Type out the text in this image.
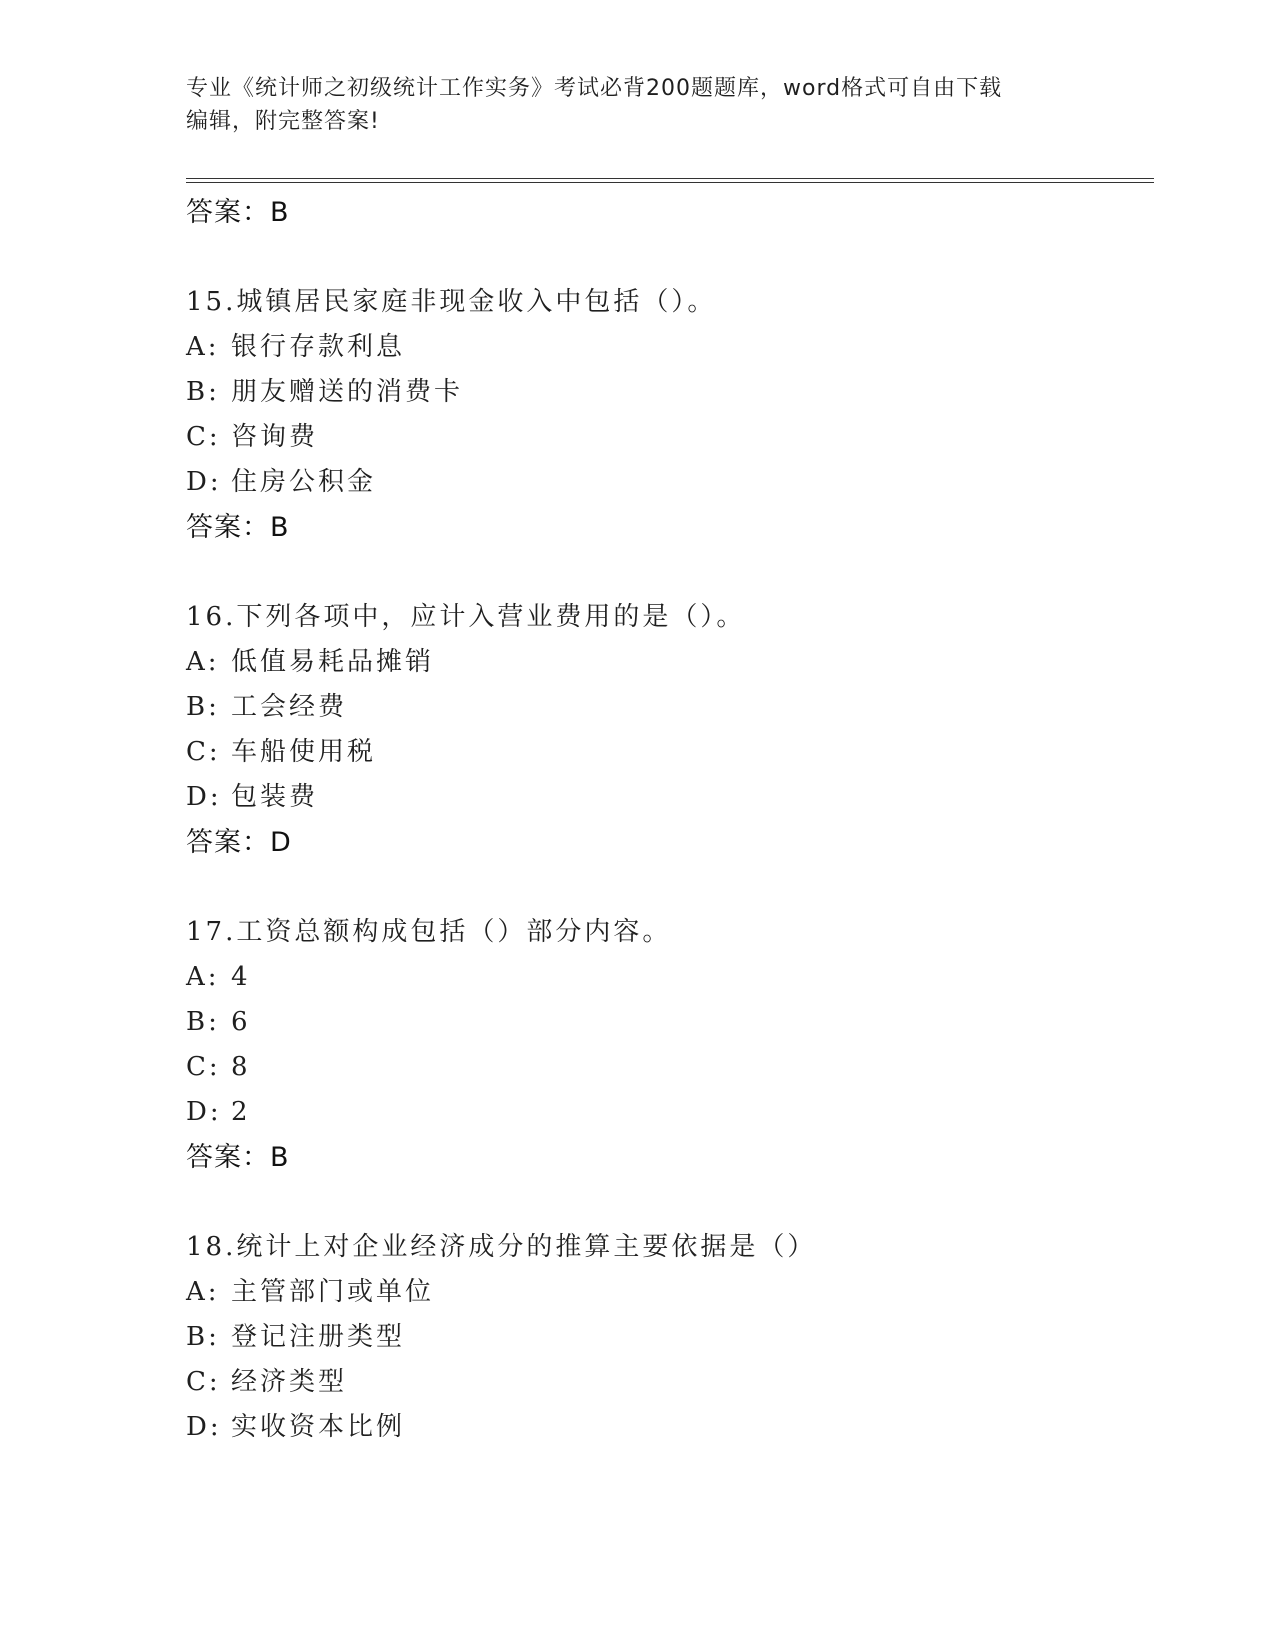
专业《统计师之初级统计工作实务》考试必背200题题库，word格式可自由下载
编辑，附完整答案!

答案：B

15.城镇居民家庭非现金收入中包括（）。

A: 银行存款利息

B: 朋友赠送的消费卡

C: 咨询费

D: 住房公积金

答案：B

16.下列各项中，应计入营业费用的是（）。

A: 低值易耗品摊销

B: 工会经费

C: 车船使用税

D: 包装费

答案：D

17.工资总额构成包括（）部分内容。

A: 4

B: 6

C: 8

D: 2

答案：B

18.统计上对企业经济成分的推算主要依据是（）

A: 主管部门或单位

B: 登记注册类型

C: 经济类型

D: 实收资本比例
